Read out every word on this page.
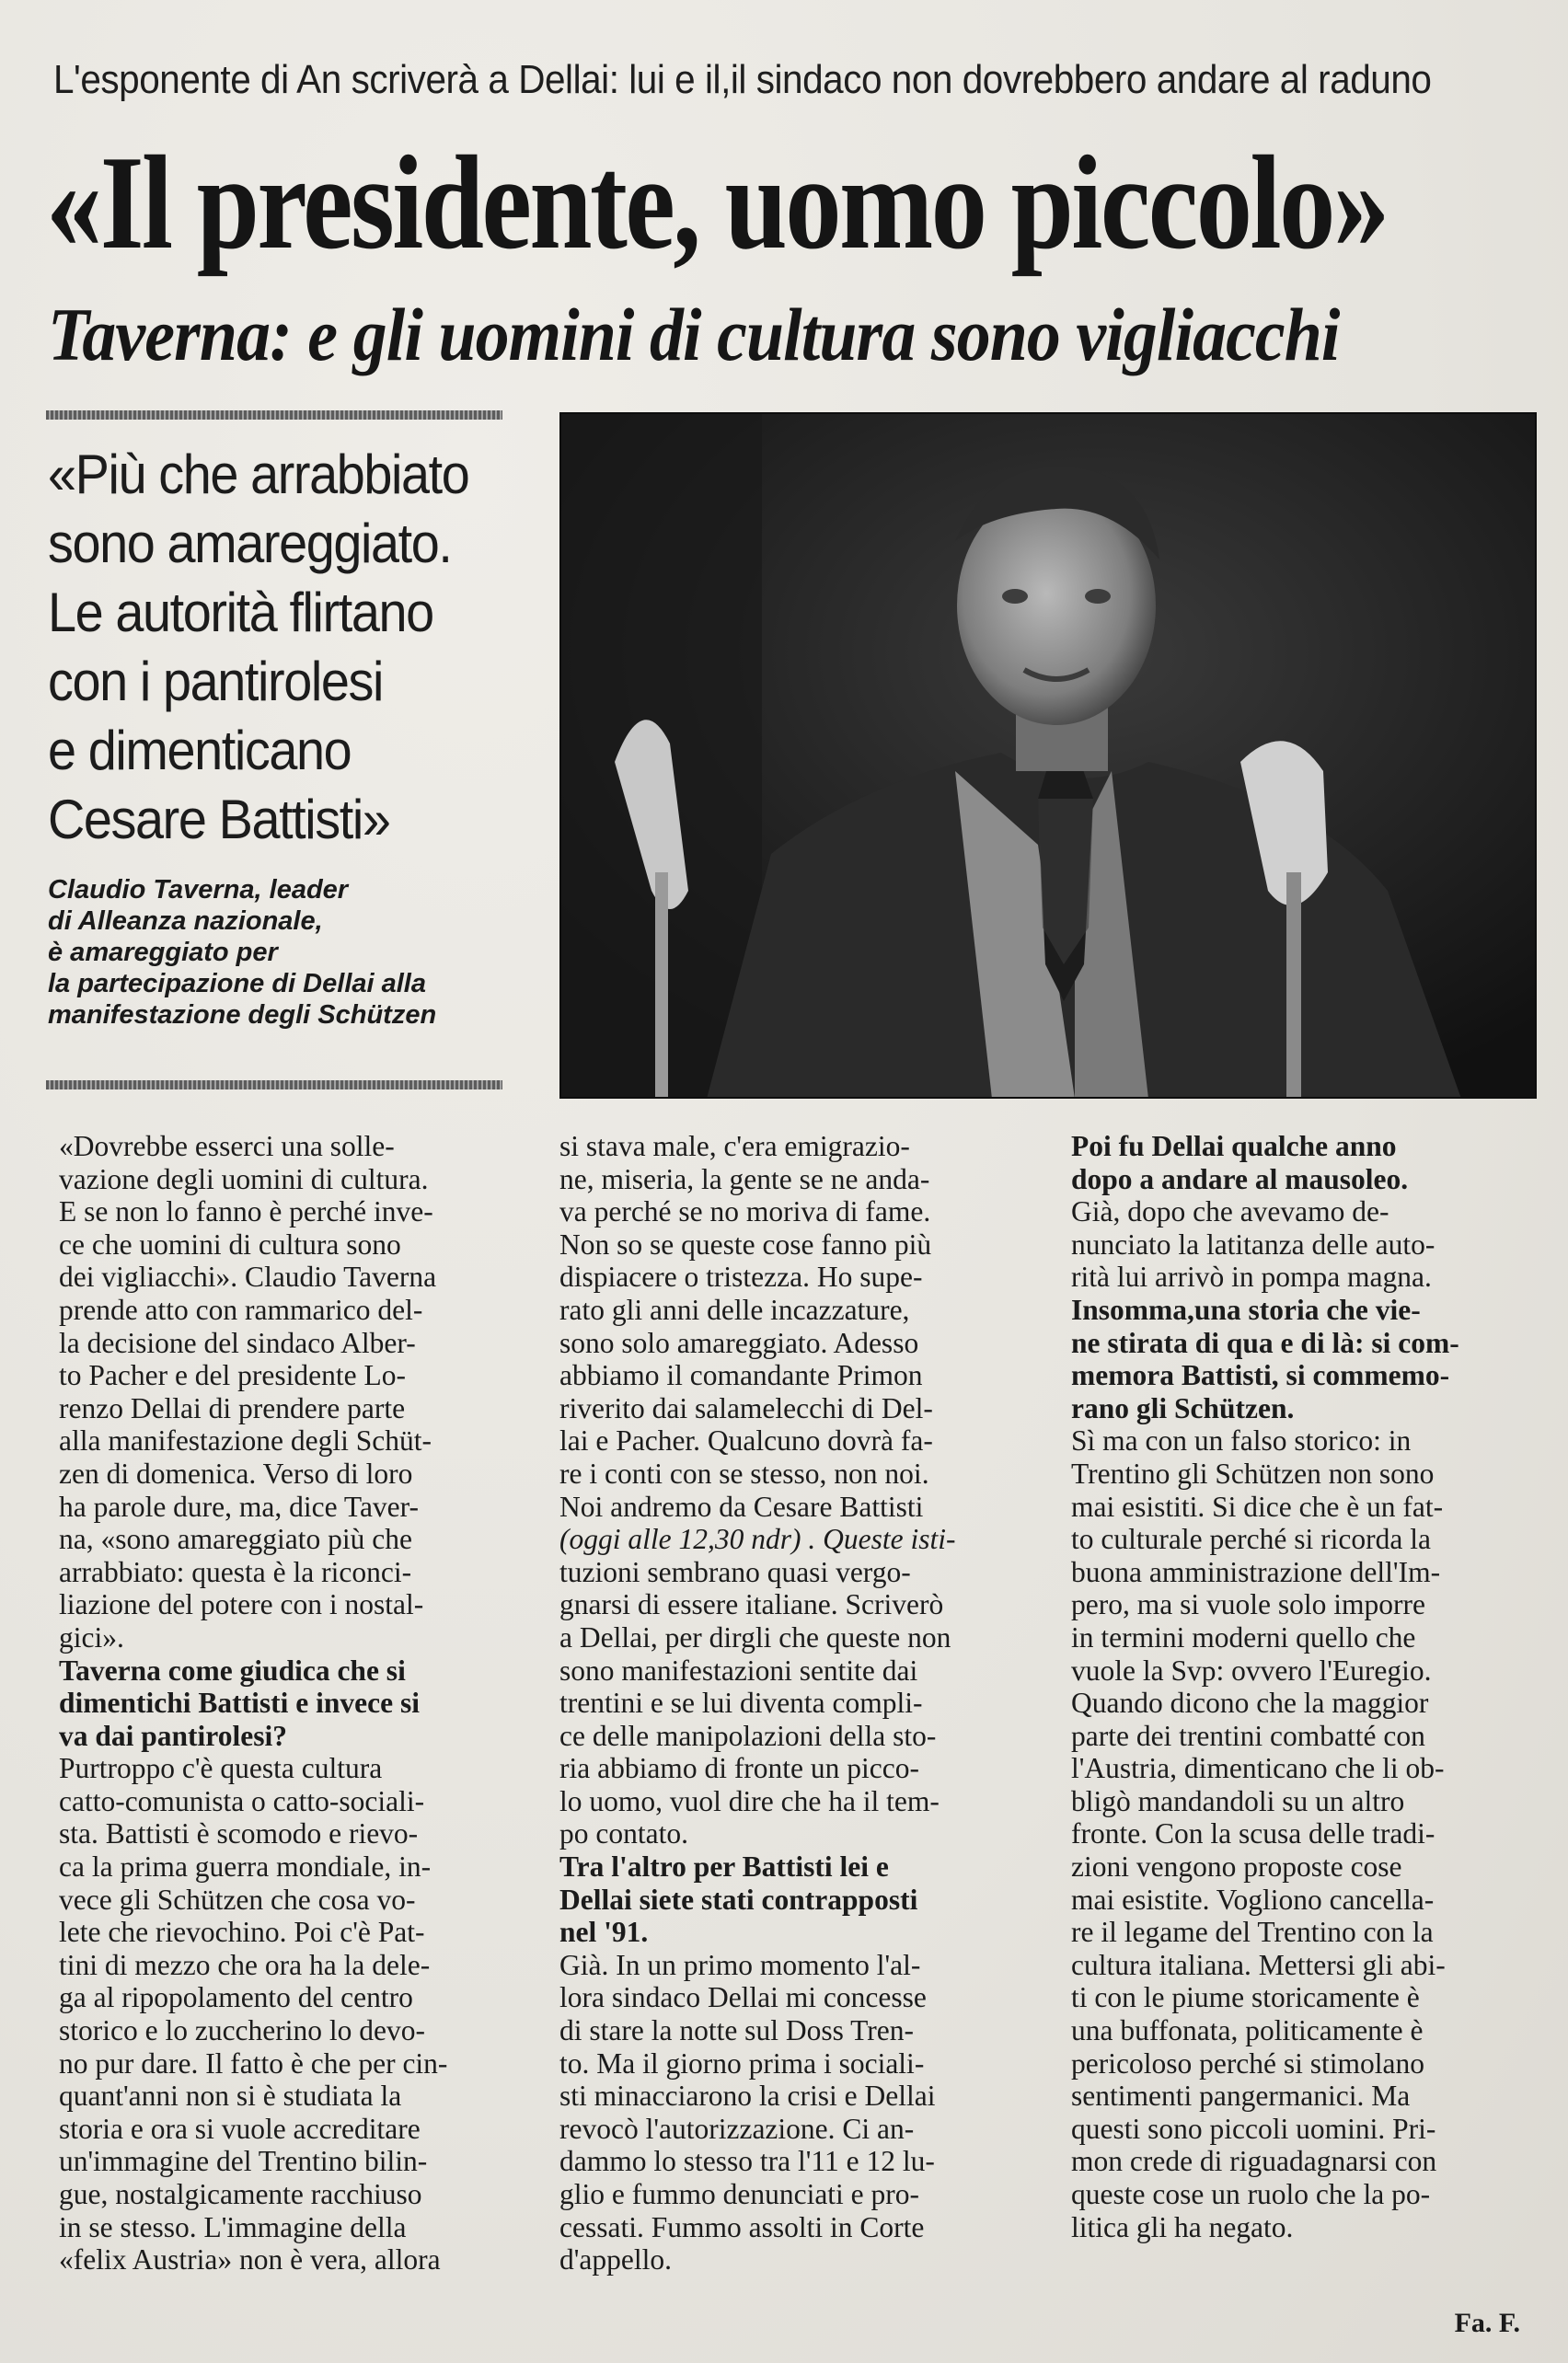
L'esponente di An scriverà a Dellai: lui e il,il sindaco non dovrebbero andare al raduno
«Il presidente, uomo piccolo»
Taverna: e gli uomini di cultura sono vigliacchi
«Più che arrabbiato
sono amareggiato.
Le autorità flirtano
con i pantirolesi
e dimenticano
Cesare Battisti»
Claudio Taverna, leader
di Alleanza nazionale,
è amareggiato per
la partecipazione di Dellai alla
manifestazione degli Schützen
«Dovrebbe esserci una solle-
vazione degli uomini di cultura.
E se non lo fanno è perché inve-
ce che uomini di cultura sono
dei vigliacchi». Claudio Taverna
prende atto con rammarico del-
la decisione del sindaco Alber-
to Pacher e del presidente Lo-
renzo Dellai di prendere parte
alla manifestazione degli Schüt-
zen di domenica. Verso di loro
ha parole dure, ma, dice Taver-
na, «sono amareggiato più che
arrabbiato: questa è la riconci-
liazione del potere con i nostal-
gici».
Taverna come giudica che si
dimentichi Battisti e invece si
va dai pantirolesi?
Purtroppo c'è questa cultura
catto-comunista o catto-sociali-
sta. Battisti è scomodo e rievo-
ca la prima guerra mondiale, in-
vece gli Schützen che cosa vo-
lete che rievochino. Poi c'è Pat-
tini di mezzo che ora ha la dele-
ga al ripopolamento del centro
storico e lo zuccherino lo devo-
no pur dare. Il fatto è che per cin-
quant'anni non si è studiata la
storia e ora si vuole accreditare
un'immagine del Trentino bilin-
gue, nostalgicamente racchiuso
in se stesso. L'immagine della
«felix Austria» non è vera, allora
si stava male, c'era emigrazio-
ne, miseria, la gente se ne anda-
va perché se no moriva di fame.
Non so se queste cose fanno più
dispiacere o tristezza. Ho supe-
rato gli anni delle incazzature,
sono solo amareggiato. Adesso
abbiamo il comandante Primon
riverito dai salamelecchi di Del-
lai e Pacher. Qualcuno dovrà fa-
re i conti con se stesso, non noi.
Noi andremo da Cesare Battisti
(oggi alle 12,30 ndr) . Queste isti-
tuzioni sembrano quasi vergo-
gnarsi di essere italiane. Scriverò
a Dellai, per dirgli che queste non
sono manifestazioni sentite dai
trentini e se lui diventa compli-
ce delle manipolazioni della sto-
ria abbiamo di fronte un picco-
lo uomo, vuol dire che ha il tem-
po contato.
Tra l'altro per Battisti lei e
Dellai siete stati contrapposti
nel '91.
Già. In un primo momento l'al-
lora sindaco Dellai mi concesse
di stare la notte sul Doss Tren-
to. Ma il giorno prima i sociali-
sti minacciarono la crisi e Dellai
revocò l'autorizzazione. Ci an-
dammo lo stesso tra l'11 e 12 lu-
glio e fummo denunciati e pro-
cessati. Fummo assolti in Corte
d'appello.
Poi fu Dellai qualche anno
dopo a andare al mausoleo.
Già, dopo che avevamo de-
nunciato la latitanza delle auto-
rità lui arrivò in pompa magna.
Insomma,una storia che vie-
ne stirata di qua e di là: si com-
memora Battisti, si commemo-
rano gli Schützen.
Sì ma con un falso storico: in
Trentino gli Schützen non sono
mai esistiti. Si dice che è un fat-
to culturale perché si ricorda la
buona amministrazione dell'Im-
pero, ma si vuole solo imporre
in termini moderni quello che
vuole la Svp: ovvero l'Euregio.
Quando dicono che la maggior
parte dei trentini combatté con
l'Austria, dimenticano che li ob-
bligò mandandoli su un altro
fronte. Con la scusa delle tradi-
zioni vengono proposte cose
mai esistite. Vogliono cancella-
re il legame del Trentino con la
cultura italiana. Mettersi gli abi-
ti con le piume storicamente è
una buffonata, politicamente è
pericoloso perché si stimolano
sentimenti pangermanici. Ma
questi sono piccoli uomini. Pri-
mon crede di riguadagnarsi con
queste cose un ruolo che la po-
litica gli ha negato.
Fa. F.
